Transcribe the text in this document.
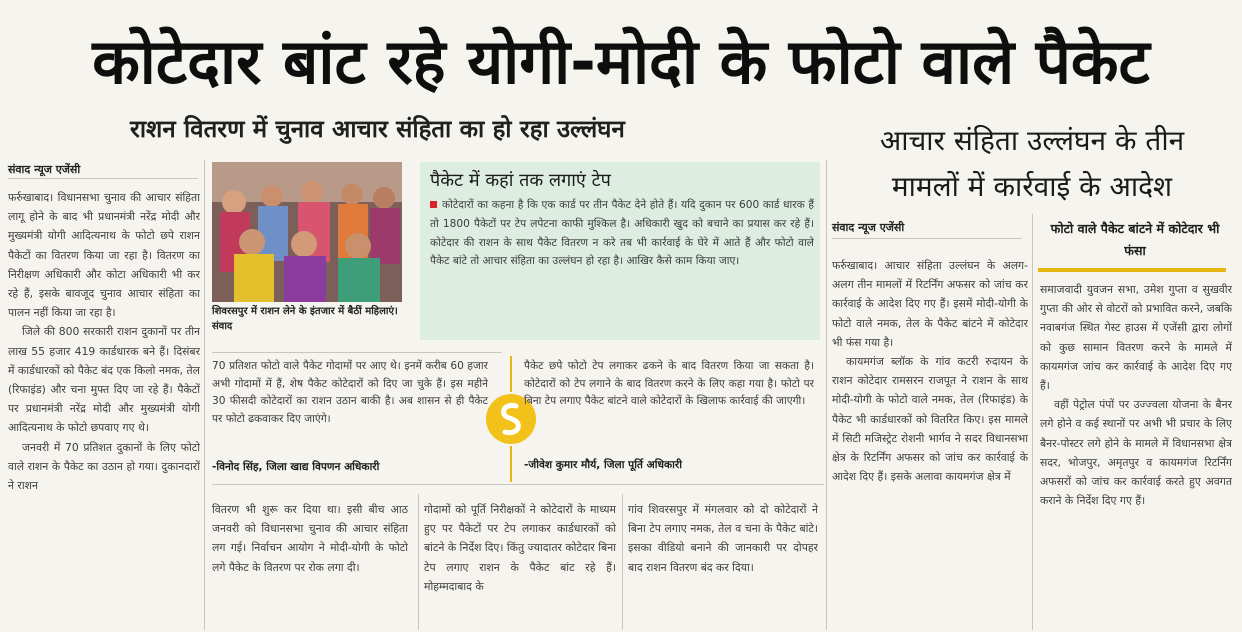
कोटेदार बांट रहे योगी-मोदी के फोटो वाले पैकेट
राशन वितरण में चुनाव आचार संहिता का हो रहा उल्लंघन	आचार संहिता उल्लंघन के तीन
मामलों में कार्रवाई के आदेश
संवाद न्यूज एजेंसी

फर्रुखाबाद। विधानसभा चुनाव की आचार संहिता लागू होने के बाद भी प्रधानमंत्री नरेंद्र मोदी और मुख्यमंत्री योगी आदित्यनाथ के फोटो छपे राशन पैकेटों का वितरण किया जा रहा है। वितरण का निरीक्षण अधिकारी और कोटा अधिकारी भी कर रहे हैं, इसके बावजूद चुनाव आचार संहिता का पालन नहीं किया जा रहा है।

जिले की 800 सरकारी राशन दुकानों पर तीन लाख 55 हजार 419 कार्डधारक बने हैं। दिसंबर में कार्डधारकों को पैकेट बंद एक किलो नमक, तेल (रिफाइंड) और चना मुफ्त दिए जा रहे हैं। पैकेटों पर प्रधानमंत्री नरेंद्र मोदी और मुख्यमंत्री योगी आदित्यनाथ के फोटो छपवाए गए थे।

जनवरी में 70 प्रतिशत दुकानों के लिए फोटो वाले राशन के पैकेट का उठान हो गया। दुकानदारों ने राशन

शिवरसपुर में राशन लेने के इंतजार में बैठीं महिलाएं। संवाद
पैकेट में कहां तक लगाएं टेप
कोटेदारों का कहना है कि एक कार्ड पर तीन पैकेट देने होते हैं। यदि दुकान पर 600 कार्ड धारक हैं तो 1800 पैकेटों पर टेप लपेटना काफी मुश्किल है। अधिकारी खुद को बचाने का प्रयास कर रहे हैं। कोटेदार की राशन के साथ पैकेट वितरण न करे तब भी कार्रवाई के घेरे में आते हैं और फोटो वाले पैकेट बांटे तो आचार संहिता का उल्लंघन हो रहा है। आखिर कैसे काम किया जाए।
70 प्रतिशत फोटो वाले पैकेट गोदामों पर आए थे। इनमें करीब 60 हजार अभी गोदामों में हैं, शेष पैकेट कोटेदारों को दिए जा चुके हैं। इस महीने 30 फीसदी कोटेदारों का राशन उठान बाकी है। अब शासन से ही पैकेट पर फोटो ढकवाकर दिए जाएंगे।
-विनोद सिंह, जिला खाद्य विपणन अधिकारी
पैकेट छपे फोटो टेप लगाकर ढकने के बाद वितरण किया जा सकता है। कोटेदारों को टेप लगाने के बाद वितरण करने के लिए कहा गया है। फोटो पर बिना टेप लगाए पैकेट बांटने वाले कोटेदारों के खिलाफ कार्रवाई की जाएगी।
-जीवेश कुमार मौर्य, जिला पूर्ति अधिकारी
वितरण भी शुरू कर दिया था। इसी बीच आठ जनवरी को विधानसभा चुनाव की आचार संहिता लग गई। निर्वाचन आयोग ने मोदी-योगी के फोटो लगे पैकेट के वितरण पर रोक लगा दी।
गोदामों को पूर्ति निरीक्षकों ने कोटेदारों के माध्यम हुए पर पैकेटों पर टेप लगाकर कार्डधारकों को बांटने के निर्देश दिए। किंतु ज्यादातर कोटेदार बिना टेप लगाए राशन के पैकेट बांट रहे हैं। मोहम्मदाबाद के
गांव शिवरसपुर में मंगलवार को दो कोटेदारों ने बिना टेप लगाए नमक, तेल व चना के पैकेट बांटे। इसका वीडियो बनाने की जानकारी पर दोपहर बाद राशन वितरण बंद कर दिया।
संवाद न्यूज एजेंसी

फर्रुखाबाद। आचार संहिता उल्लंघन के अलग-अलग तीन मामलों में रिटर्निंग अफसर को जांच कर कार्रवाई के आदेश दिए गए हैं। इसमें मोदी-योगी के फोटो वाले नमक, तेल के पैकेट बांटने में कोटेदार भी फंस गया है।

कायमगंज ब्लॉक के गांव कटरी रुदायन के राशन कोटेदार रामसरन राजपूत ने राशन के साथ मोदी-योगी के फोटो वाले नमक, तेल (रिफाइंड) के पैकेट भी कार्डधारकों को वितरित किए। इस मामले में सिटी मजिस्ट्रेट रोशनी भार्गव ने सदर विधानसभा क्षेत्र के रिटर्निंग अफसर को जांच कर कार्रवाई के आदेश दिए हैं। इसके अलावा कायमगंज क्षेत्र में

फोटो वाले पैकेट बांटने में कोटेदार भी फंसा

समाजवादी युवजन सभा, उमेश गुप्ता व सुखवीर गुप्ता की ओर से वोटरों को प्रभावित करने, जबकि नवाबगंज स्थित गेस्ट हाउस में एजेंसी द्वारा लोगों को कुछ सामान वितरण करने के मामले में कायमगंज जांच कर कार्रवाई के आदेश दिए गए हैं।

वहीं पेट्रोल पंपों पर उज्ज्वला योजना के बैनर लगे होने व कई स्थानों पर अभी भी प्रचार के लिए बैनर-पोस्टर लगे होने के मामले में विधानसभा क्षेत्र सदर, भोजपुर, अमृतपुर व कायमगंज रिटर्निंग अफसरों को जांच कर कार्रवाई करते हुए अवगत कराने के निर्देश दिए गए हैं।
